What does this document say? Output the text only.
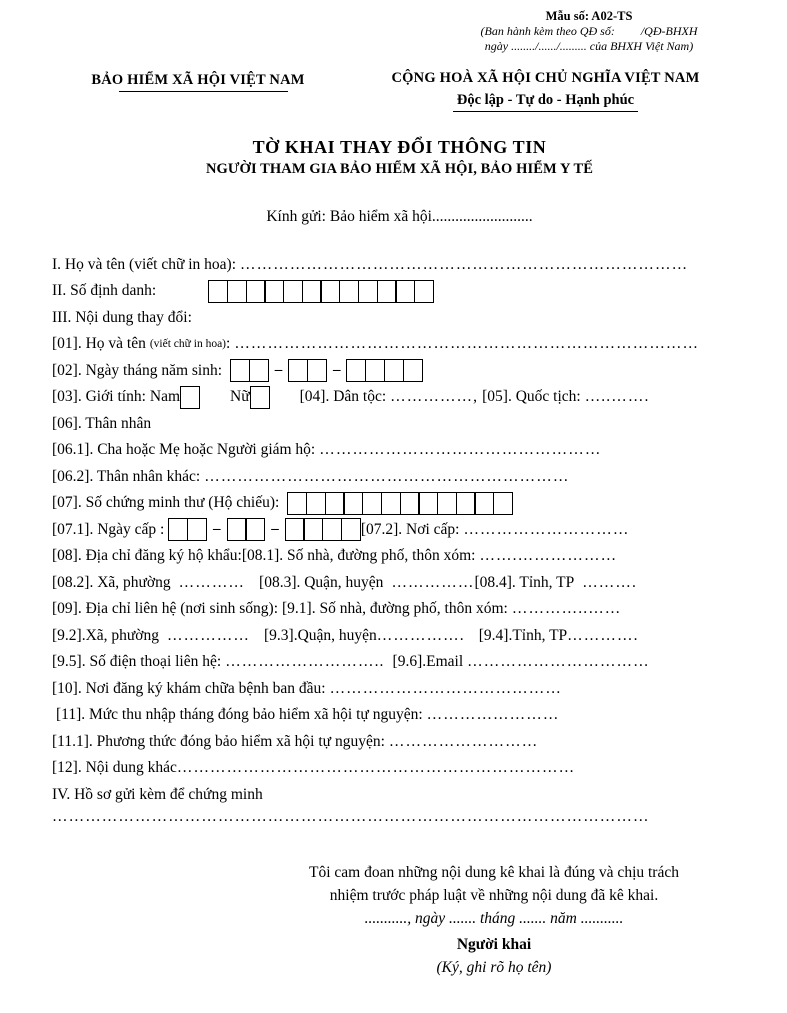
Mẫu số: A02-TS
(Ban hành kèm theo QĐ số: /QĐ-BHXH
ngày ......../....../......... của BHXH Việt Nam)
BẢO HIỂM XÃ HỘI VIỆT NAM	CỘNG HOÀ XÃ HỘI CHỦ NGHĨA VIỆT NAM
Độc lập - Tự do - Hạnh phúc
TỜ KHAI THAY ĐỔI THÔNG TIN
NGƯỜI THAM GIA BẢO HIỂM XÃ HỘI, BẢO HIỂM Y TẾ
Kính gửi: Bảo hiểm xã hội..........................
I. Họ và tên (viết chữ in hoa): ………………………………………………………………………
II. Số định danh:
III. Nội dung thay đổi:
[01]. Họ và tên (viết chữ in hoa) : …………………………………………………………………………
[02]. Ngày tháng năm sinh:	–	–
[03]. Giới tính: Nam	Nữ	[04]. Dân tộc: ……………, [05]. Quốc tịch: …..…….
[06]. Thân nhân
[06.1]. Cha hoặc Mẹ hoặc Người giám hộ: ……………………………………………
[06.2]. Thân nhân khác: …………………………………………………………
[07]. Số chứng minh thư (Hộ chiếu):
[07.1]. Ngày cấp :	–	–	[07.2]. Nơi cấp: …………………………
[08]. Địa chỉ đăng ký hộ khẩu: [08.1]. Số nhà, đường phố, thôn xóm: …….………………
[08.2]. Xã, phường ………… [08.3]. Quận, huyện …………… [08.4]. Tỉnh, TP ……….
[09]. Địa chỉ liên hệ (nơi sinh sống): [9.1]. Số nhà, đường phố, thôn xóm: …………..……
[9.2].Xã, phường …………… [9.3].Quận, huyện ……………. [9.4].Tỉnh, TP ………….
[9.5]. Số điện thoại liên hệ: ……………………….. [9.6].Email ……………………………
[10]. Nơi đăng ký khám chữa bệnh ban đầu: ……………………………………
[11]. Mức thu nhập tháng đóng bảo hiểm xã hội tự nguyện: ……………………
[11.1]. Phương thức đóng bảo hiểm xã hội tự nguyện: ………………………
[12]. Nội dung khác ………………………………………………………………
IV. Hồ sơ gửi kèm để chứng minh
………………………………………………………………………………………………
Tôi cam đoan những nội dung kê khai là đúng và chịu trách
nhiệm trước pháp luật về những nội dung đã kê khai.
..........., ngày ....... tháng ....... năm ...........
Người khai
(Ký, ghi rõ họ tên)
